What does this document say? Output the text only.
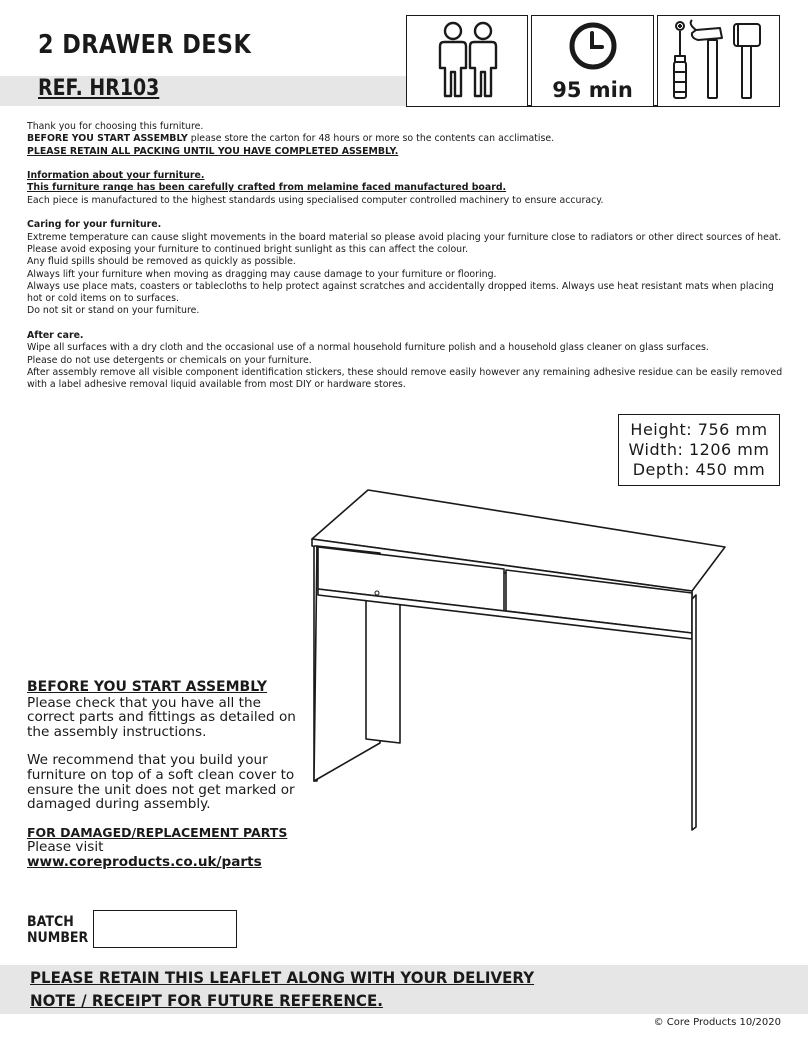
2 DRAWER DESK
REF. HR103	95 min

Thank you for choosing this furniture.

BEFORE YOU START ASSEMBLY please store the carton for 48 hours or more so the contents can acclimatise.

PLEASE RETAIN ALL PACKING UNTIL YOU HAVE COMPLETED ASSEMBLY.

Information about your furniture.

This furniture range has been carefully crafted from melamine faced manufactured board.

Each piece is manufactured to the highest standards using specialised computer controlled machinery to ensure accuracy.

Caring for your furniture.

Extreme temperature can cause slight movements in the board material so please avoid placing your furniture close to radiators or other direct sources of heat.

Please avoid exposing your furniture to continued bright sunlight as this can affect the colour.

Any fluid spills should be removed as quickly as possible.

Always lift your furniture when moving as dragging may cause damage to your furniture or flooring.

Always use place mats, coasters or tablecloths to help protect against scratches and accidentally dropped items. Always use heat resistant mats when placing hot or cold items on to surfaces.

Do not sit or stand on your furniture.

After care.

Wipe all surfaces with a dry cloth and the occasional use of a normal household furniture polish and a household glass cleaner on glass surfaces.

Please do not use detergents or chemicals on your furniture.

After assembly remove all visible component identification stickers, these should remove easily however any remaining adhesive residue can be easily removed with a label adhesive removal liquid available from most DIY or hardware stores.

Height: 756 mm
Width: 1206 mm
Depth: 450 mm
BEFORE YOU START ASSEMBLY
Please check that you have all the correct parts and fittings as detailed on the assembly instructions.
We recommend that you build your furniture on top of a soft clean cover to ensure the unit does not get marked or damaged during assembly.
FOR DAMAGED/REPLACEMENT PARTS
Please visit
www.coreproducts.co.uk/parts
BATCH
NUMBER
PLEASE RETAIN THIS LEAFLET ALONG WITH YOUR DELIVERY
NOTE / RECEIPT FOR FUTURE REFERENCE.
© Core Products 10/2020
